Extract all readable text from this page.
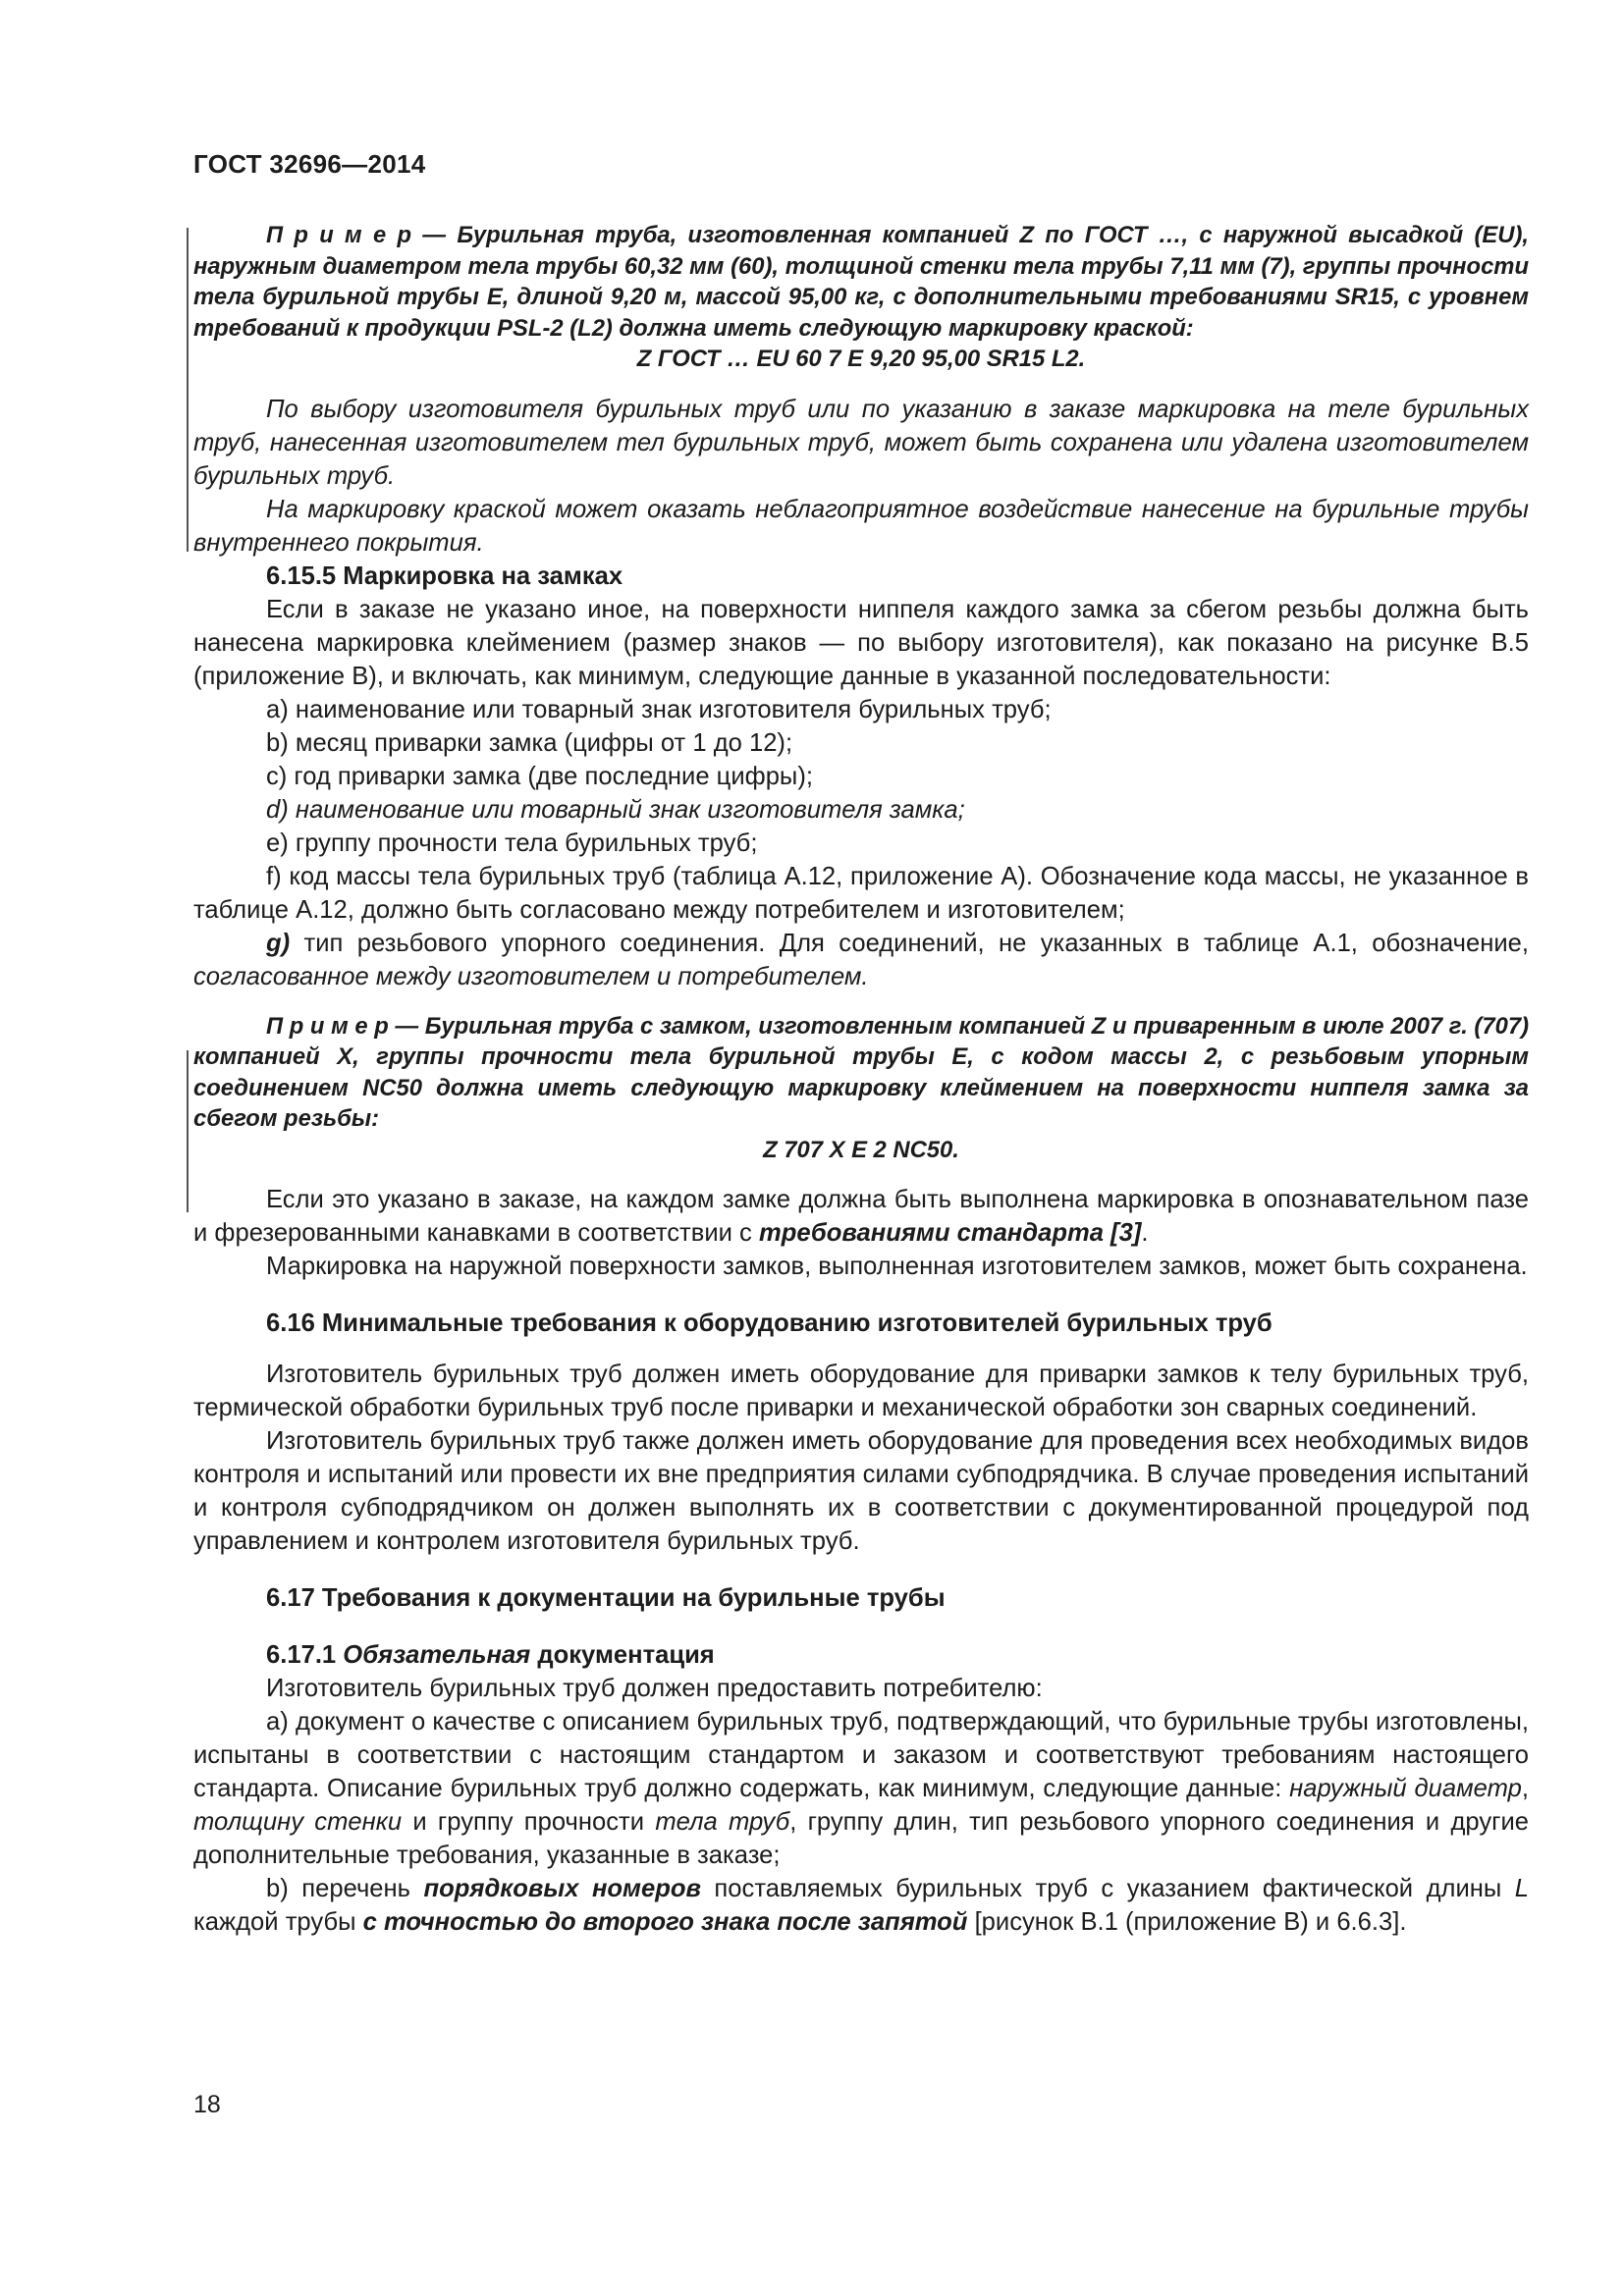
ГОСТ 32696—2014

П р и м е р — Бурильная труба, изготовленная компанией Z по ГОСТ …, с наружной высадкой (EU), наружным диаметром тела трубы 60,32 мм (60), толщиной стенки тела трубы 7,11 мм (7), группы прочности тела бурильной трубы E, длиной 9,20 м, массой 95,00 кг, с дополнительными требованиями SR15, с уровнем требований к продукции PSL-2 (L2) должна иметь следующую маркировку краской:

Z ГОСТ … EU 60 7 E 9,20 95,00 SR15 L2.

По выбору изготовителя бурильных труб или по указанию в заказе маркировка на теле бурильных труб, нанесенная изготовителем тел бурильных труб, может быть сохранена или удалена изготовителем бурильных труб.

На маркировку краской может оказать неблагоприятное воздействие нанесение на бурильные трубы внутреннего покрытия.

6.15.5 Маркировка на замках

Если в заказе не указано иное, на поверхности ниппеля каждого замка за сбегом резьбы должна быть нанесена маркировка клеймением (размер знаков — по выбору изготовителя), как показано на рисунке B.5 (приложение B), и включать, как минимум, следующие данные в указанной последовательности:

a) наименование или товарный знак изготовителя бурильных труб;

b) месяц приварки замка (цифры от 1 до 12);

c) год приварки замка (две последние цифры);

d) наименование или товарный знак изготовителя замка;

e) группу прочности тела бурильных труб;

f) код массы тела бурильных труб (таблица А.12, приложение А). Обозначение кода массы, не указанное в таблице А.12, должно быть согласовано между потребителем и изготовителем;

g) тип резьбового упорного соединения. Для соединений, не указанных в таблице А.1, обозначение, согласованное между изготовителем и потребителем.

П р и м е р — Бурильная труба с замком, изготовленным компанией Z и приваренным в июле 2007 г. (707) компанией X, группы прочности тела бурильной трубы E, с кодом массы 2, с резьбовым упорным соединением NC50 должна иметь следующую маркировку клеймением на поверхности ниппеля замка за сбегом резьбы:

Z 707 X E 2 NC50.

Если это указано в заказе, на каждом замке должна быть выполнена маркировка в опознавательном пазе и фрезерованными канавками в соответствии с требованиями стандарта [3].

Маркировка на наружной поверхности замков, выполненная изготовителем замков, может быть сохранена.

6.16 Минимальные требования к оборудованию изготовителей бурильных труб

Изготовитель бурильных труб должен иметь оборудование для приварки замков к телу бурильных труб, термической обработки бурильных труб после приварки и механической обработки зон сварных соединений.

Изготовитель бурильных труб также должен иметь оборудование для проведения всех необходимых видов контроля и испытаний или провести их вне предприятия силами субподрядчика. В случае проведения испытаний и контроля субподрядчиком он должен выполнять их в соответствии с документированной процедурой под управлением и контролем изготовителя бурильных труб.

6.17 Требования к документации на бурильные трубы

6.17.1 Обязательная документация

Изготовитель бурильных труб должен предоставить потребителю:

a) документ о качестве с описанием бурильных труб, подтверждающий, что бурильные трубы изготовлены, испытаны в соответствии с настоящим стандартом и заказом и соответствуют требованиям настоящего стандарта. Описание бурильных труб должно содержать, как минимум, следующие данные: наружный диаметр, толщину стенки и группу прочности тела труб, группу длин, тип резьбового упорного соединения и другие дополнительные требования, указанные в заказе;

b) перечень порядковых номеров поставляемых бурильных труб с указанием фактической длины L каждой трубы с точностью до второго знака после запятой [рисунок B.1 (приложение B) и 6.6.3].

18
